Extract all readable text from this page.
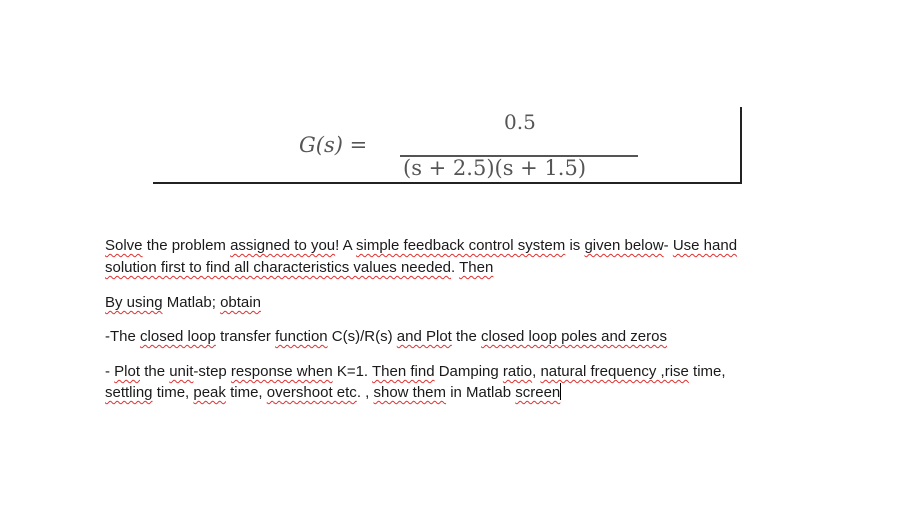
G(s) =
0.5
(s + 2.5)(s + 1.5)
Solve the problem assigned to you! A simple feedback control system is given below- Use hand
solution first to find all characteristics values needed. Then
By using Matlab; obtain
-The closed loop transfer function C(s)/R(s) and Plot the closed loop poles and zeros
- Plot the unit-step response when K=1. Then find Damping ratio, natural frequency ,rise time,
settling time, peak time, overshoot etc. , show them in Matlab screen
